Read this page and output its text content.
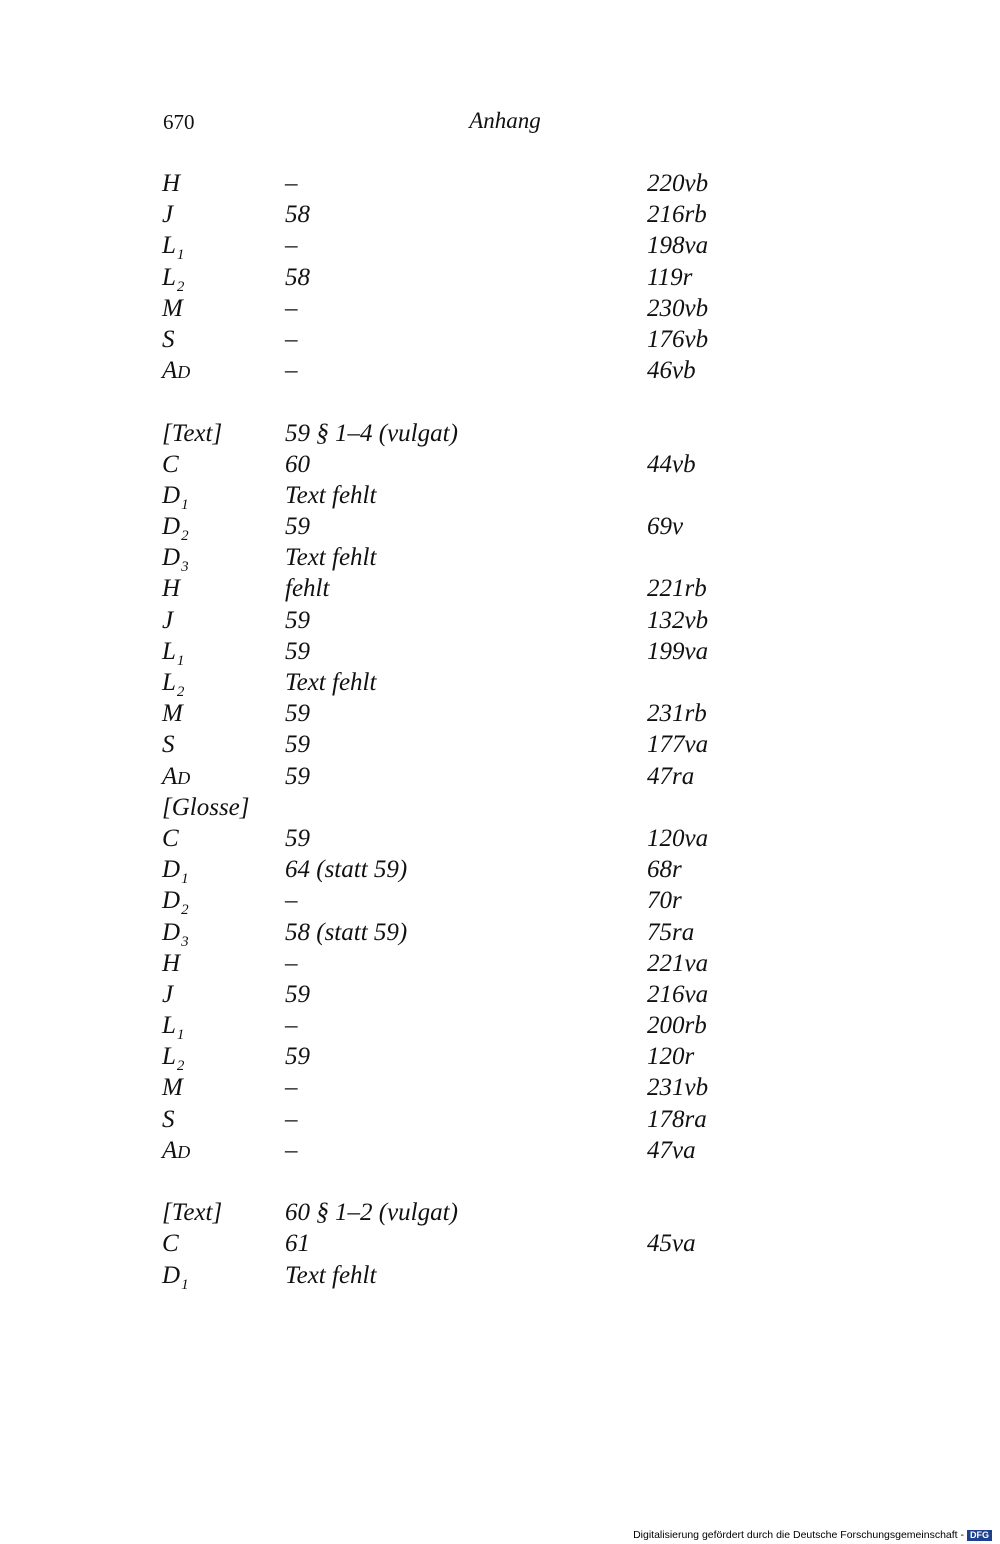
670	Anhang
H	–	220vb
J	58	216rb
$L_1$	–	198va
$L_2$	58	119r
M	–	230vb
S	–	176vb
AD	–	46vb
[Text]	59 § 1–4 (vulgat)
C	60	44vb
$D_1$	Text fehlt
$D_2$	59	69v
$D_3$	Text fehlt
H	fehlt	221rb
J	59	132vb
$L_1$	59	199va
$L_2$	Text fehlt
M	59	231rb
S	59	177va
AD	59	47ra
[Glosse]
C	59	120va
$D_1$	64 (statt 59)	68r
$D_2$	–	70r
$D_3$	58 (statt 59)	75ra
H	–	221va
J	59	216va
$L_1$	–	200rb
$L_2$	59	120r
M	–	231vb
S	–	178ra
AD	–	47va
[Text]	60 § 1–2 (vulgat)
C	61	45va
$D_1$	Text fehlt
Digitalisierung gefördert durch die Deutsche Forschungsgemeinschaft - DFG
